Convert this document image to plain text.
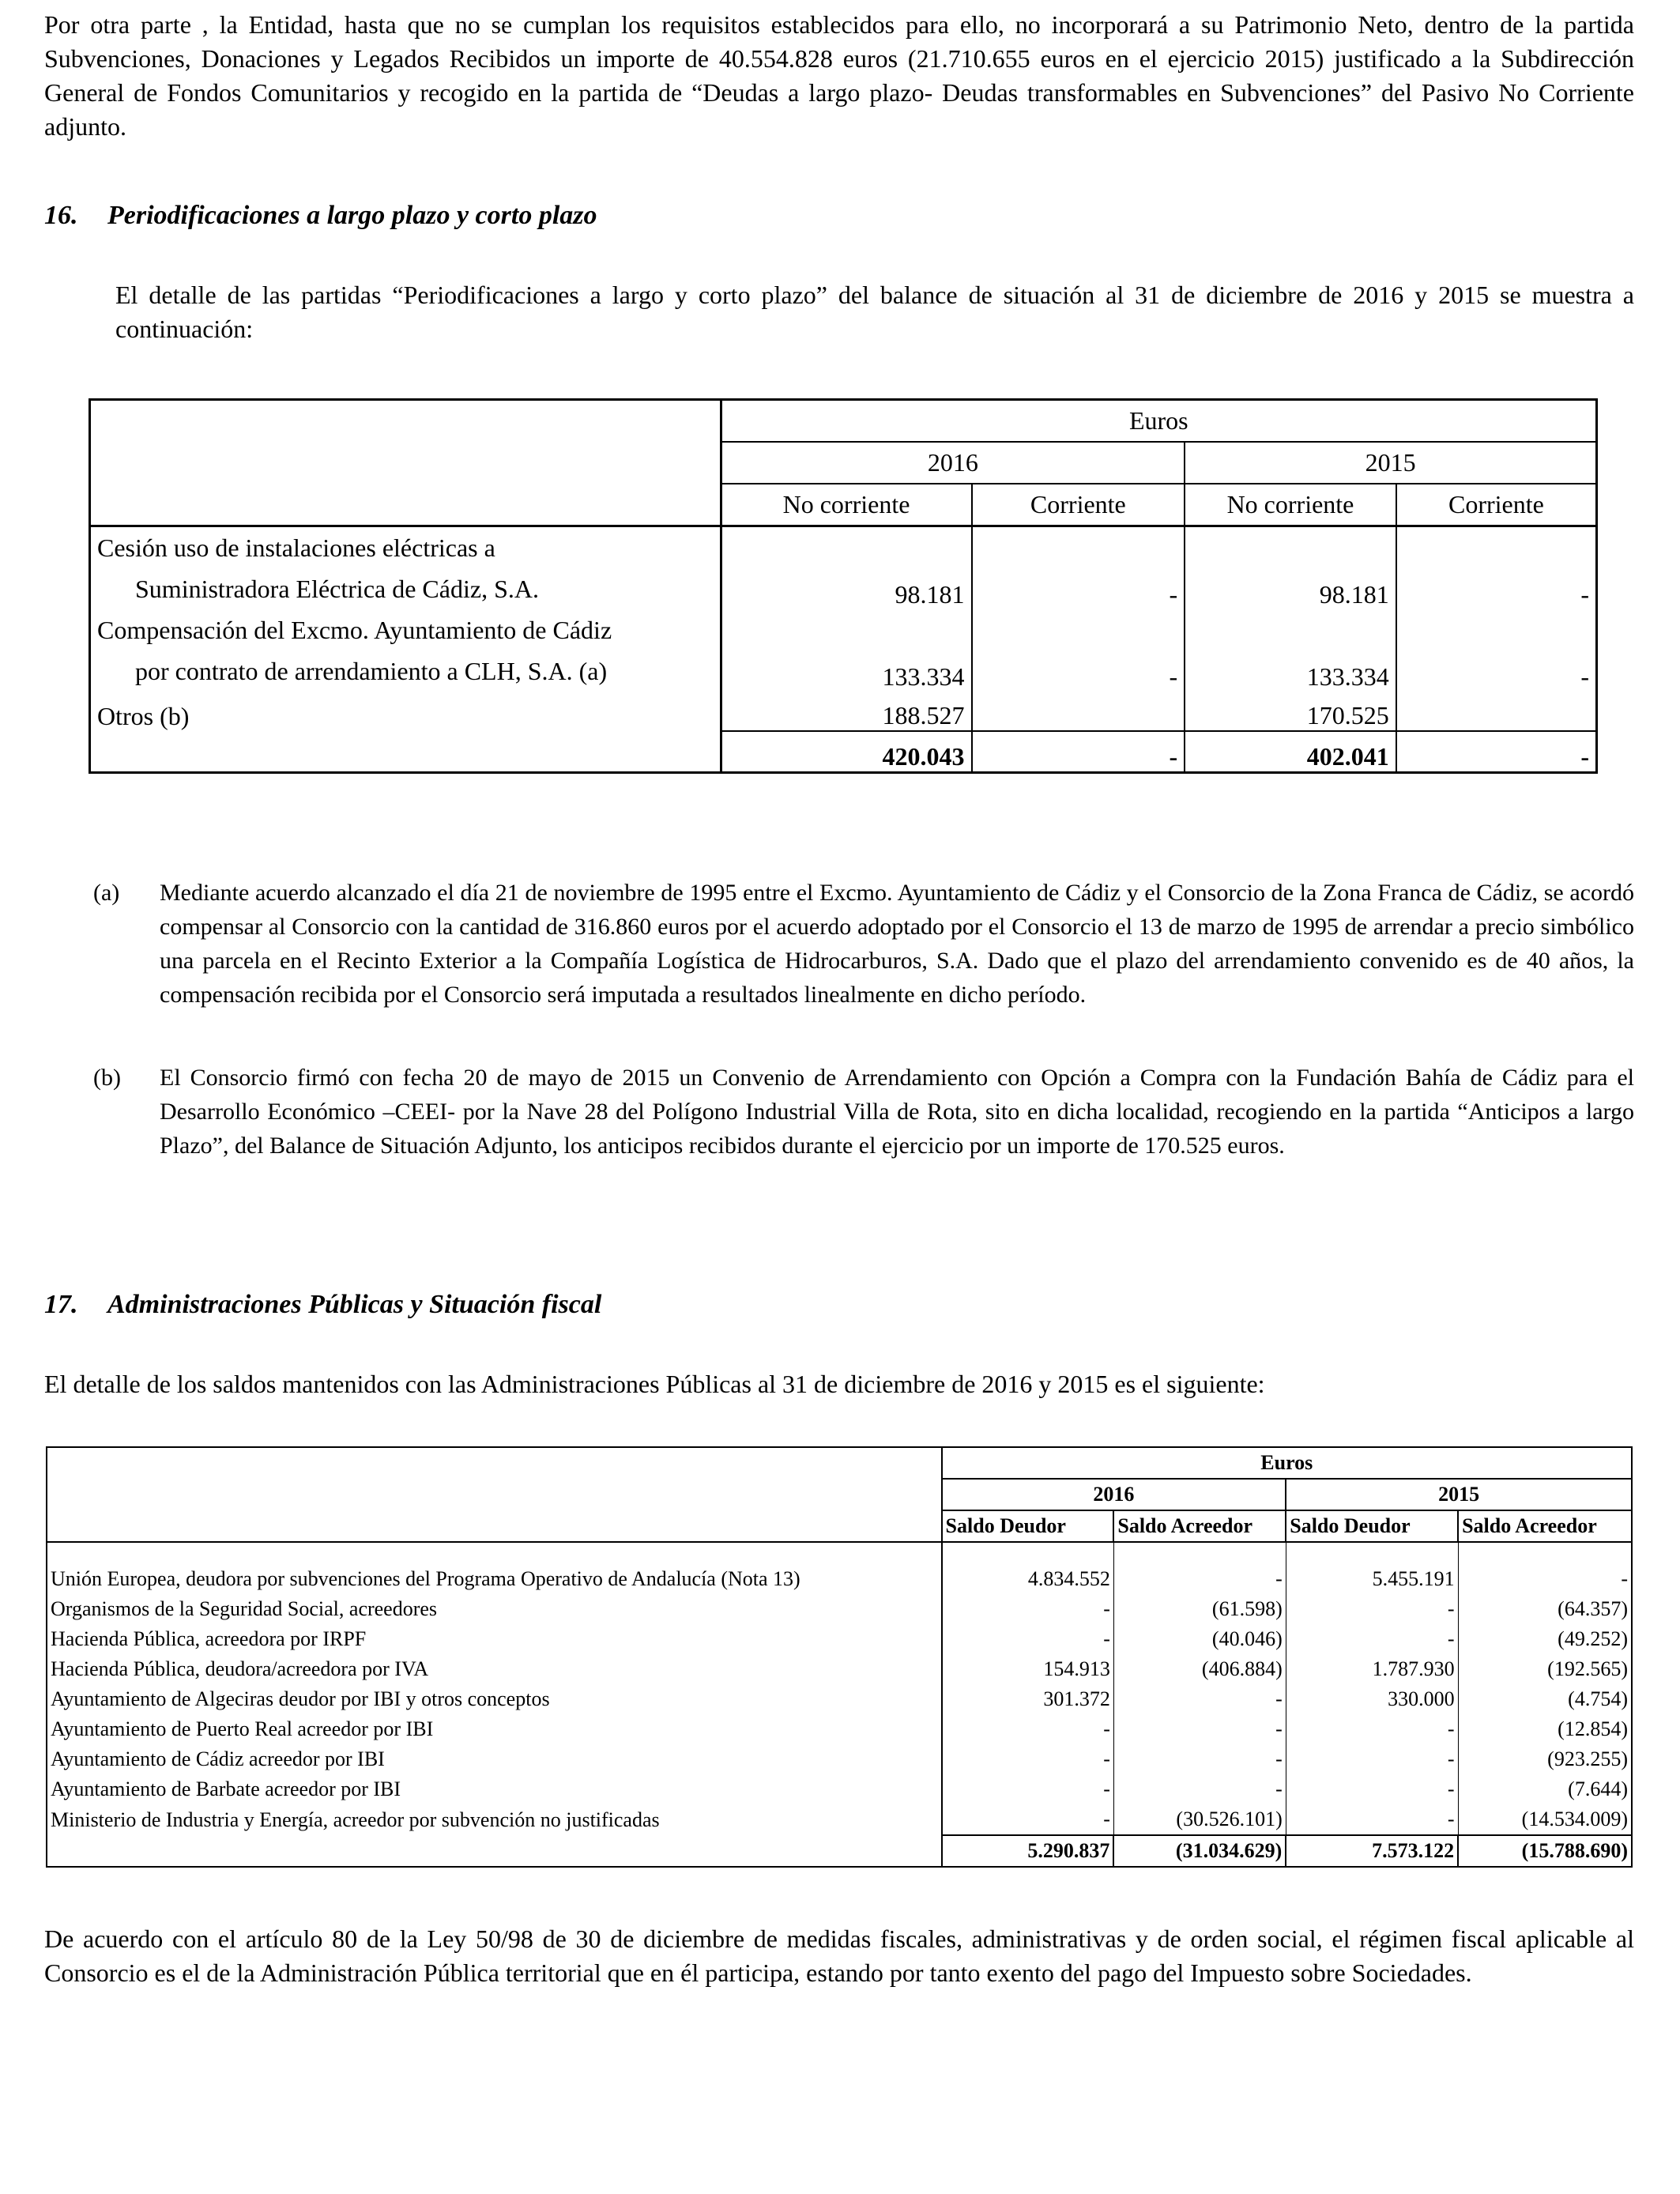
Por otra parte , la Entidad, hasta que no se cumplan los requisitos establecidos para ello, no incorporará a su Patrimonio Neto, dentro de la partida Subvenciones, Donaciones y Legados Recibidos un importe de 40.554.828 euros (21.710.655 euros en el ejercicio 2015) justificado a la Subdirección General de Fondos Comunitarios y recogido en la partida de “Deudas a largo plazo- Deudas transformables en Subvenciones” del Pasivo No Corriente adjunto.

16. Periodificaciones a largo plazo y corto plazo

El detalle de las partidas “Periodificaciones a largo y corto plazo” del balance de situación al 31 de diciembre de 2016 y 2015 se muestra a continuación:

	Euros			
	2016		2015	
	No corriente	Corriente	No corriente	Corriente

Cesión uso de instalaciones eléctricas a
Suministradora Eléctrica de Cádiz, S.A.	98.181	-	98.181	-

Compensación del Excmo. Ayuntamiento de Cádiz
por contrato de arrendamiento a CLH, S.A. (a)	133.334	-	133.334	-
Otros (b)	188.527		170.525	
	420.043	-	402.041	-
(a) Mediante acuerdo alcanzado el día 21 de noviembre de 1995 entre el Excmo. Ayuntamiento de Cádiz y el Consorcio de la Zona Franca de Cádiz, se acordó compensar al Consorcio con la cantidad de 316.860 euros por el acuerdo adoptado por el Consorcio el 13 de marzo de 1995 de arrendar a precio simbólico una parcela en el Recinto Exterior a la Compañía Logística de Hidrocarburos, S.A. Dado que el plazo del arrendamiento convenido es de 40 años, la compensación recibida por el Consorcio será imputada a resultados linealmente en dicho período.
(b) El Consorcio firmó con fecha 20 de mayo de 2015 un Convenio de Arrendamiento con Opción a Compra con la Fundación Bahía de Cádiz para el Desarrollo Económico –CEEI- por la Nave 28 del Polígono Industrial Villa de Rota, sito en dicha localidad, recogiendo en la partida “Anticipos a largo Plazo”, del Balance de Situación Adjunto, los anticipos recibidos durante el ejercicio por un importe de 170.525 euros.
17. Administraciones Públicas y Situación fiscal

El detalle de los saldos mantenidos con las Administraciones Públicas al 31 de diciembre de 2016 y 2015 es el siguiente:

	Euros			
	2016		2015	
	Saldo Deudor	Saldo Acreedor	Saldo Deudor	Saldo Acreedor
Unión Europea, deudora por subvenciones del Programa Operativo de Andalucía (Nota 13)	4.834.552	-	5.455.191	-
Organismos de la Seguridad Social, acreedores	-	(61.598)	-	(64.357)
Hacienda Pública, acreedora por IRPF	-	(40.046)	-	(49.252)
Hacienda Pública, deudora/acreedora por IVA	154.913	(406.884)	1.787.930	(192.565)
Ayuntamiento de Algeciras deudor por IBI y otros conceptos	301.372	-	330.000	(4.754)
Ayuntamiento de Puerto Real acreedor por IBI	-	-	-	(12.854)
Ayuntamiento de Cádiz acreedor por IBI	-	-	-	(923.255)
Ayuntamiento de Barbate acreedor por IBI	-	-	-	(7.644)
Ministerio de Industria y Energía, acreedor por subvención no justificadas	-	(30.526.101)	-	(14.534.009)
	5.290.837	(31.034.629)	7.573.122	(15.788.690)

De acuerdo con el artículo 80 de la Ley 50/98 de 30 de diciembre de medidas fiscales, administrativas y de orden social, el régimen fiscal aplicable al Consorcio es el de la Administración Pública territorial que en él participa, estando por tanto exento del pago del Impuesto sobre Sociedades.
